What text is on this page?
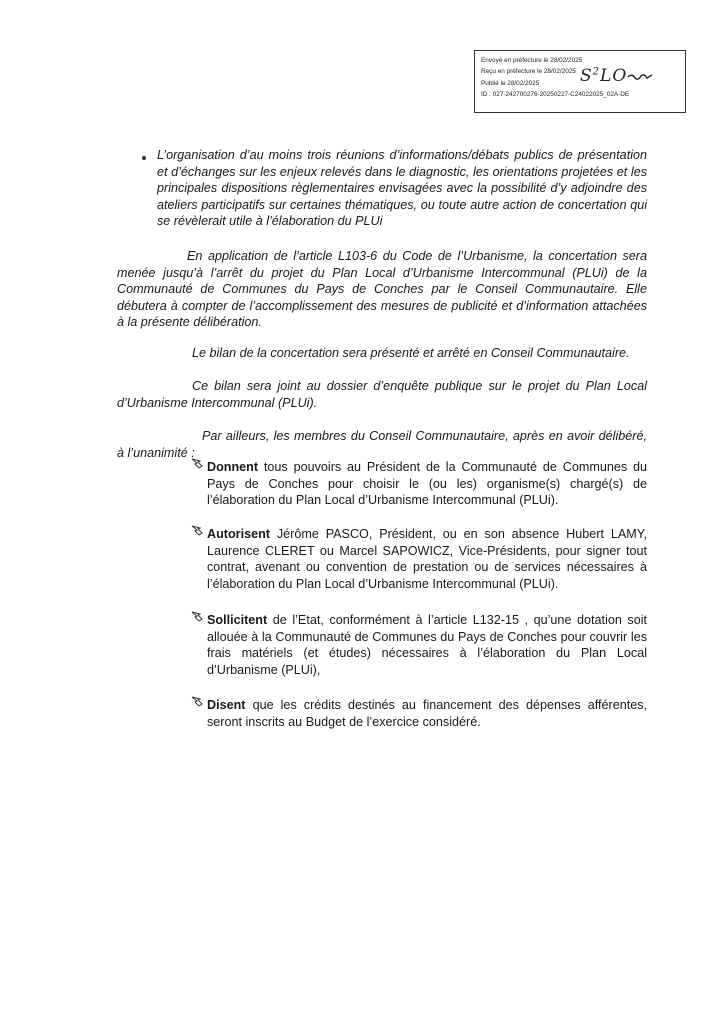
Envoyé en préfecture le 28/02/2025
Reçu en préfecture le 28/02/2025
Publié le 28/02/2025
ID : 027-242700276-20250227-C24022025_02A-DE
$S^2LO$
L’organisation d’au moins trois réunions d’informations/débats publics de présentation et d’échanges sur les enjeux relevés dans le diagnostic, les orientations projetées et les principales dispositions règlementaires envisagées avec la possibilité d’y adjoindre des ateliers participatifs sur certaines thématiques, ou toute autre action de concertation qui se révèlerait utile à l’élaboration du PLUi
En application de l’article L103-6 du Code de l’Urbanisme, la concertation sera menée jusqu’à l’arrêt du projet du Plan Local d’Urbanisme Intercommunal (PLUi) de la Communauté de Communes du Pays de Conches par le Conseil Communautaire. Elle débutera à compter de l’accomplissement des mesures de publicité et d’information attachées à la présente délibération.
Le bilan de la concertation sera présenté et arrêté en Conseil Communautaire.
Ce bilan sera joint au dossier d’enquête publique sur le projet du Plan Local d’Urbanisme Intercommunal (PLUi).
Par ailleurs, les membres du Conseil Communautaire, après en avoir délibéré, à l’unanimité :
Donnent tous pouvoirs au Président de la Communauté de Communes du Pays de Conches pour choisir le (ou les) organisme(s) chargé(s) de l’élaboration du Plan Local d’Urbanisme Intercommunal (PLUi).
Autorisent Jérôme PASCO, Président, ou en son absence Hubert LAMY, Laurence CLERET ou Marcel SAPOWICZ, Vice-Présidents, pour signer tout contrat, avenant ou convention de prestation ou de services nécessaires à l’élaboration du Plan Local d’Urbanisme Intercommunal (PLUi).
Sollicitent de l’Etat, conformément à l’article L132-15 , qu’une dotation soit allouée à la Communauté de Communes du Pays de Conches pour couvrir les frais matériels (et études) nécessaires à l’élaboration du Plan Local d’Urbanisme (PLUi),
Disent que les crédits destinés au financement des dépenses afférentes, seront inscrits au Budget de l’exercice considéré.
